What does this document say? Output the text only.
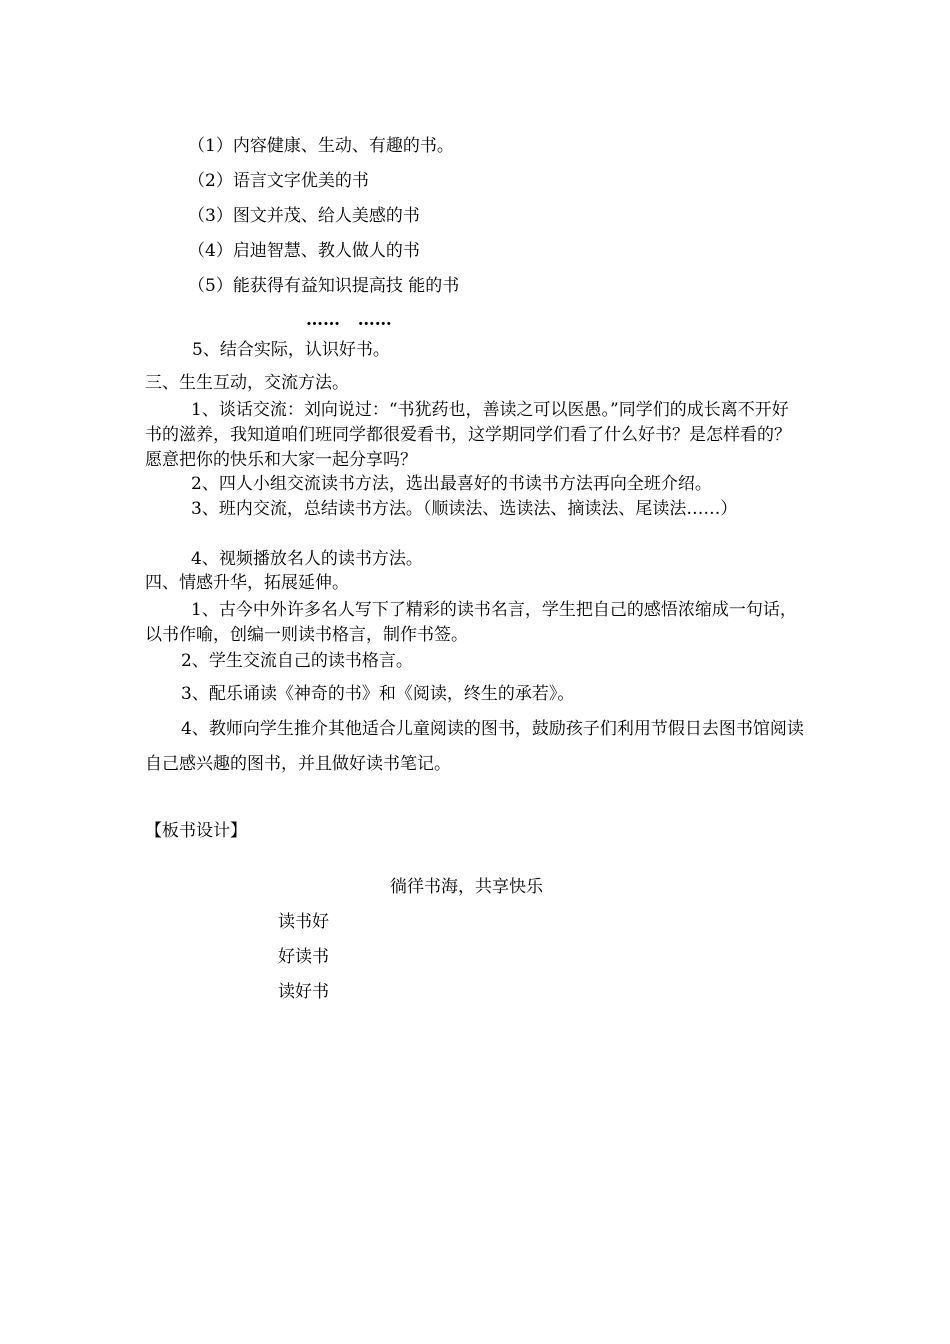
（1）内容健康、生动、有趣的书。
（2）语言文字优美的书
（3）图文并茂、给人美感的书
（4）启迪智慧、教人做人的书
（5）能获得有益知识提高技 能的书
……   ……
5、结合实际，认识好书。
三、生生互动，交流方法。
1、谈话交流：刘向说过：“书犹药也，善读之可以医愚。”同学们的成长离不开好书的滋养，我知道咱们班同学都很爱看书，这学期同学们看了什么好书？是怎样看的？愿意把你的快乐和大家一起分享吗？
2、四人小组交流读书方法，选出最喜好的书读书方法再向全班介绍。
3、班内交流，总结读书方法。（顺读法、选读法、摘读法、尾读法……）
4、视频播放名人的读书方法。
四、情感升华，拓展延伸。
1、古今中外许多名人写下了精彩的读书名言，学生把自己的感悟浓缩成一句话，以书作喻，创编一则读书格言，制作书签。
2、学生交流自己的读书格言。
3、配乐诵读《神奇的书》和《阅读，终生的承若》。
4、教师向学生推介其他适合儿童阅读的图书，鼓励孩子们利用节假日去图书馆阅读自己感兴趣的图书，并且做好读书笔记。
【板书设计】
徜徉书海，共享快乐
读书好
好读书
读好书
